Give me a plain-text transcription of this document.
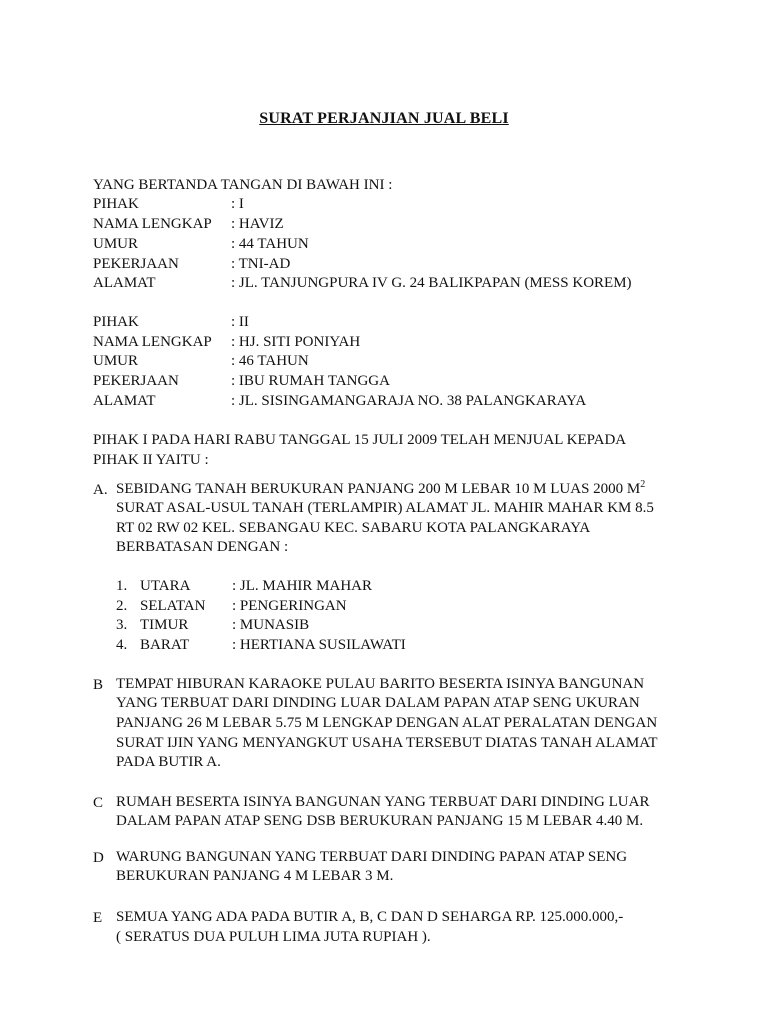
SURAT PERJANJIAN JUAL BELI
YANG BERTANDA TANGAN DI BAWAH INI :
PIHAK	: I
NAMA LENGKAP : HAVIZ
UMUR	: 44 TAHUN
PEKERJAAN	: TNI-AD
ALAMAT	: JL. TANJUNGPURA IV G. 24 BALIKPAPAN (MESS KOREM)
PIHAK	: II
NAMA LENGKAP : HJ. SITI PONIYAH
UMUR	: 46 TAHUN
PEKERJAAN	: IBU RUMAH TANGGA
ALAMAT	: JL. SISINGAMANGARAJA NO. 38 PALANGKARAYA
PIHAK I PADA HARI RABU TANGGAL 15 JULI 2009 TELAH MENJUAL KEPADA
PIHAK II YAITU :
A. SEBIDANG TANAH BERUKURAN PANJANG 200 M LEBAR 10 M LUAS 2000 $M^2$
SURAT ASAL-USUL TANAH (TERLAMPIR) ALAMAT JL. MAHIR MAHAR KM 8.5
RT 02 RW 02 KEL. SEBANGAU KEC. SABARU KOTA PALANGKARAYA
BERBATASAN DENGAN :
1. UTARA	: JL. MAHIR MAHAR
2. SELATAN : PENGERINGAN
3. TIMUR	: MUNASIB
4. BARAT	: HERTIANA SUSILAWATI
B TEMPAT HIBURAN KARAOKE PULAU BARITO BESERTA ISINYA BANGUNAN
YANG TERBUAT DARI DINDING LUAR DALAM PAPAN ATAP SENG UKURAN
PANJANG 26 M LEBAR 5.75 M LENGKAP DENGAN ALAT PERALATAN DENGAN
SURAT IJIN YANG MENYANGKUT USAHA TERSEBUT DIATAS TANAH ALAMAT
PADA BUTIR A.
C RUMAH BESERTA ISINYA BANGUNAN YANG TERBUAT DARI DINDING LUAR
DALAM PAPAN ATAP SENG DSB BERUKURAN PANJANG 15 M LEBAR 4.40 M.
D WARUNG BANGUNAN YANG TERBUAT DARI DINDING PAPAN ATAP SENG
BERUKURAN PANJANG 4 M LEBAR 3 M.
E SEMUA YANG ADA PADA BUTIR A, B, C DAN D SEHARGA RP. 125.000.000,-
( SERATUS DUA PULUH LIMA JUTA RUPIAH ).
